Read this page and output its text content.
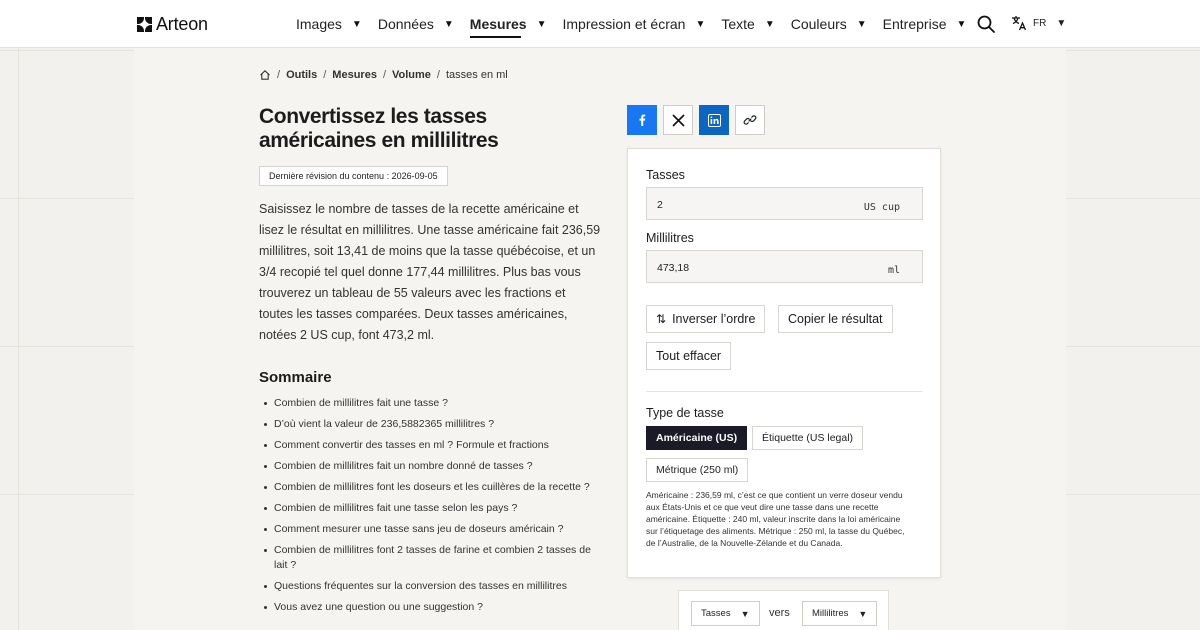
Arteon	Images ▼ Données ▼ Mesures ▼ Impression et écran ▼ Texte ▼ Couleurs ▼ Entreprise ▼	FR ▼
/ Outils / Mesures / Volume / tasses en ml
Convertissez les tasses américaines en millilitres
Dernière révision du contenu : 2026-09-05

Saisissez le nombre de tasses de la recette américaine et lisez le résultat en millilitres. Une tasse américaine fait 236,59 millilitres, soit 13,41 de moins que la tasse québécoise, et un 3/4 recopié tel quel donne 177,44 millilitres. Plus bas vous trouverez un tableau de 55 valeurs avec les fractions et toutes les tasses comparées. Deux tasses américaines, notées 2 US cup, font 473,2 ml.

Sommaire
Combien de millilitres fait une tasse ?
D’où vient la valeur de 236,5882365 millilitres ?
Comment convertir des tasses en ml ? Formule et fractions
Combien de millilitres fait un nombre donné de tasses ?
Combien de millilitres font les doseurs et les cuillères de la recette ?
Combien de millilitres fait une tasse selon les pays ?
Comment mesurer une tasse sans jeu de doseurs américain ?
Combien de millilitres font 2 tasses de farine et combien 2 tasses de lait ?
Questions fréquentes sur la conversion des tasses en millilitres
Vous avez une question ou une suggestion ?
Tasses
2	US cup
Millilitres
473,18	ml
⇅ Inverser l’ordre	Copier le résultat
Tout effacer
Type de tasse
Américaine (US)	Étiquette (US legal)
Métrique (250 ml)

Américaine : 236,59 ml, c’est ce que contient un verre doseur vendu aux États-Unis et ce que veut dire une tasse dans une recette américaine. Étiquette : 240 ml, valeur inscrite dans la loi américaine sur l’étiquetage des aliments. Métrique : 250 ml, la tasse du Québec, de l’Australie, de la Nouvelle-Zélande et du Canada.

Tasses ▼ vers Millilitres ▼
